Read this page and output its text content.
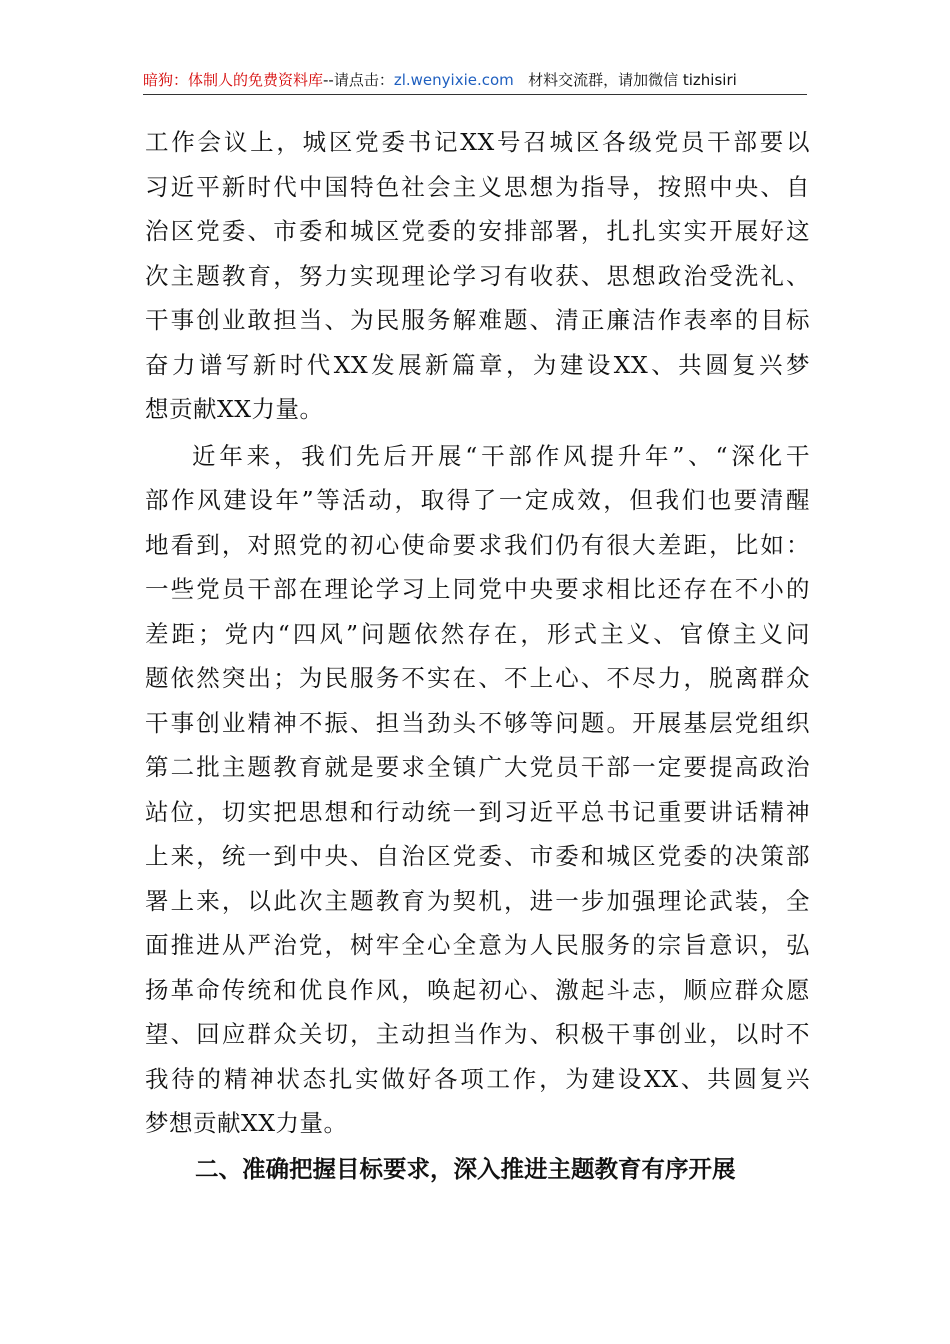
暗狗：体制人的免费资料库--请点击：zl.wenyixie.com 材料交流群，请加微信 tizhisiri
工作会议上，城区党委书记XX号召城区各级党员干部要以
习近平新时代中国特色社会主义思想为指导，按照中央、自
治区党委、市委和城区党委的安排部署，扎扎实实开展好这
次主题教育，努力实现理论学习有收获、思想政治受洗礼、
干事创业敢担当、为民服务解难题、清正廉洁作表率的目标
奋力谱写新时代XX发展新篇章，为建设XX、共圆复兴梦
想贡献XX力量。
近年来，我们先后开展“干部作风提升年”、“深化干
部作风建设年”等活动，取得了一定成效，但我们也要清醒
地看到，对照党的初心使命要求我们仍有很大差距，比如：
一些党员干部在理论学习上同党中央要求相比还存在不小的
差距；党内“四风”问题依然存在，形式主义、官僚主义问
题依然突出；为民服务不实在、不上心、不尽力，脱离群众
干事创业精神不振、担当劲头不够等问题。开展基层党组织
第二批主题教育就是要求全镇广大党员干部一定要提高政治
站位，切实把思想和行动统一到习近平总书记重要讲话精神
上来，统一到中央、自治区党委、市委和城区党委的决策部
署上来，以此次主题教育为契机，进一步加强理论武装，全
面推进从严治党，树牢全心全意为人民服务的宗旨意识，弘
扬革命传统和优良作风，唤起初心、激起斗志，顺应群众愿
望、回应群众关切，主动担当作为、积极干事创业，以时不
我待的精神状态扎实做好各项工作，为建设XX、共圆复兴
梦想贡献XX力量。
二、准确把握目标要求，深入推进主题教育有序开展
